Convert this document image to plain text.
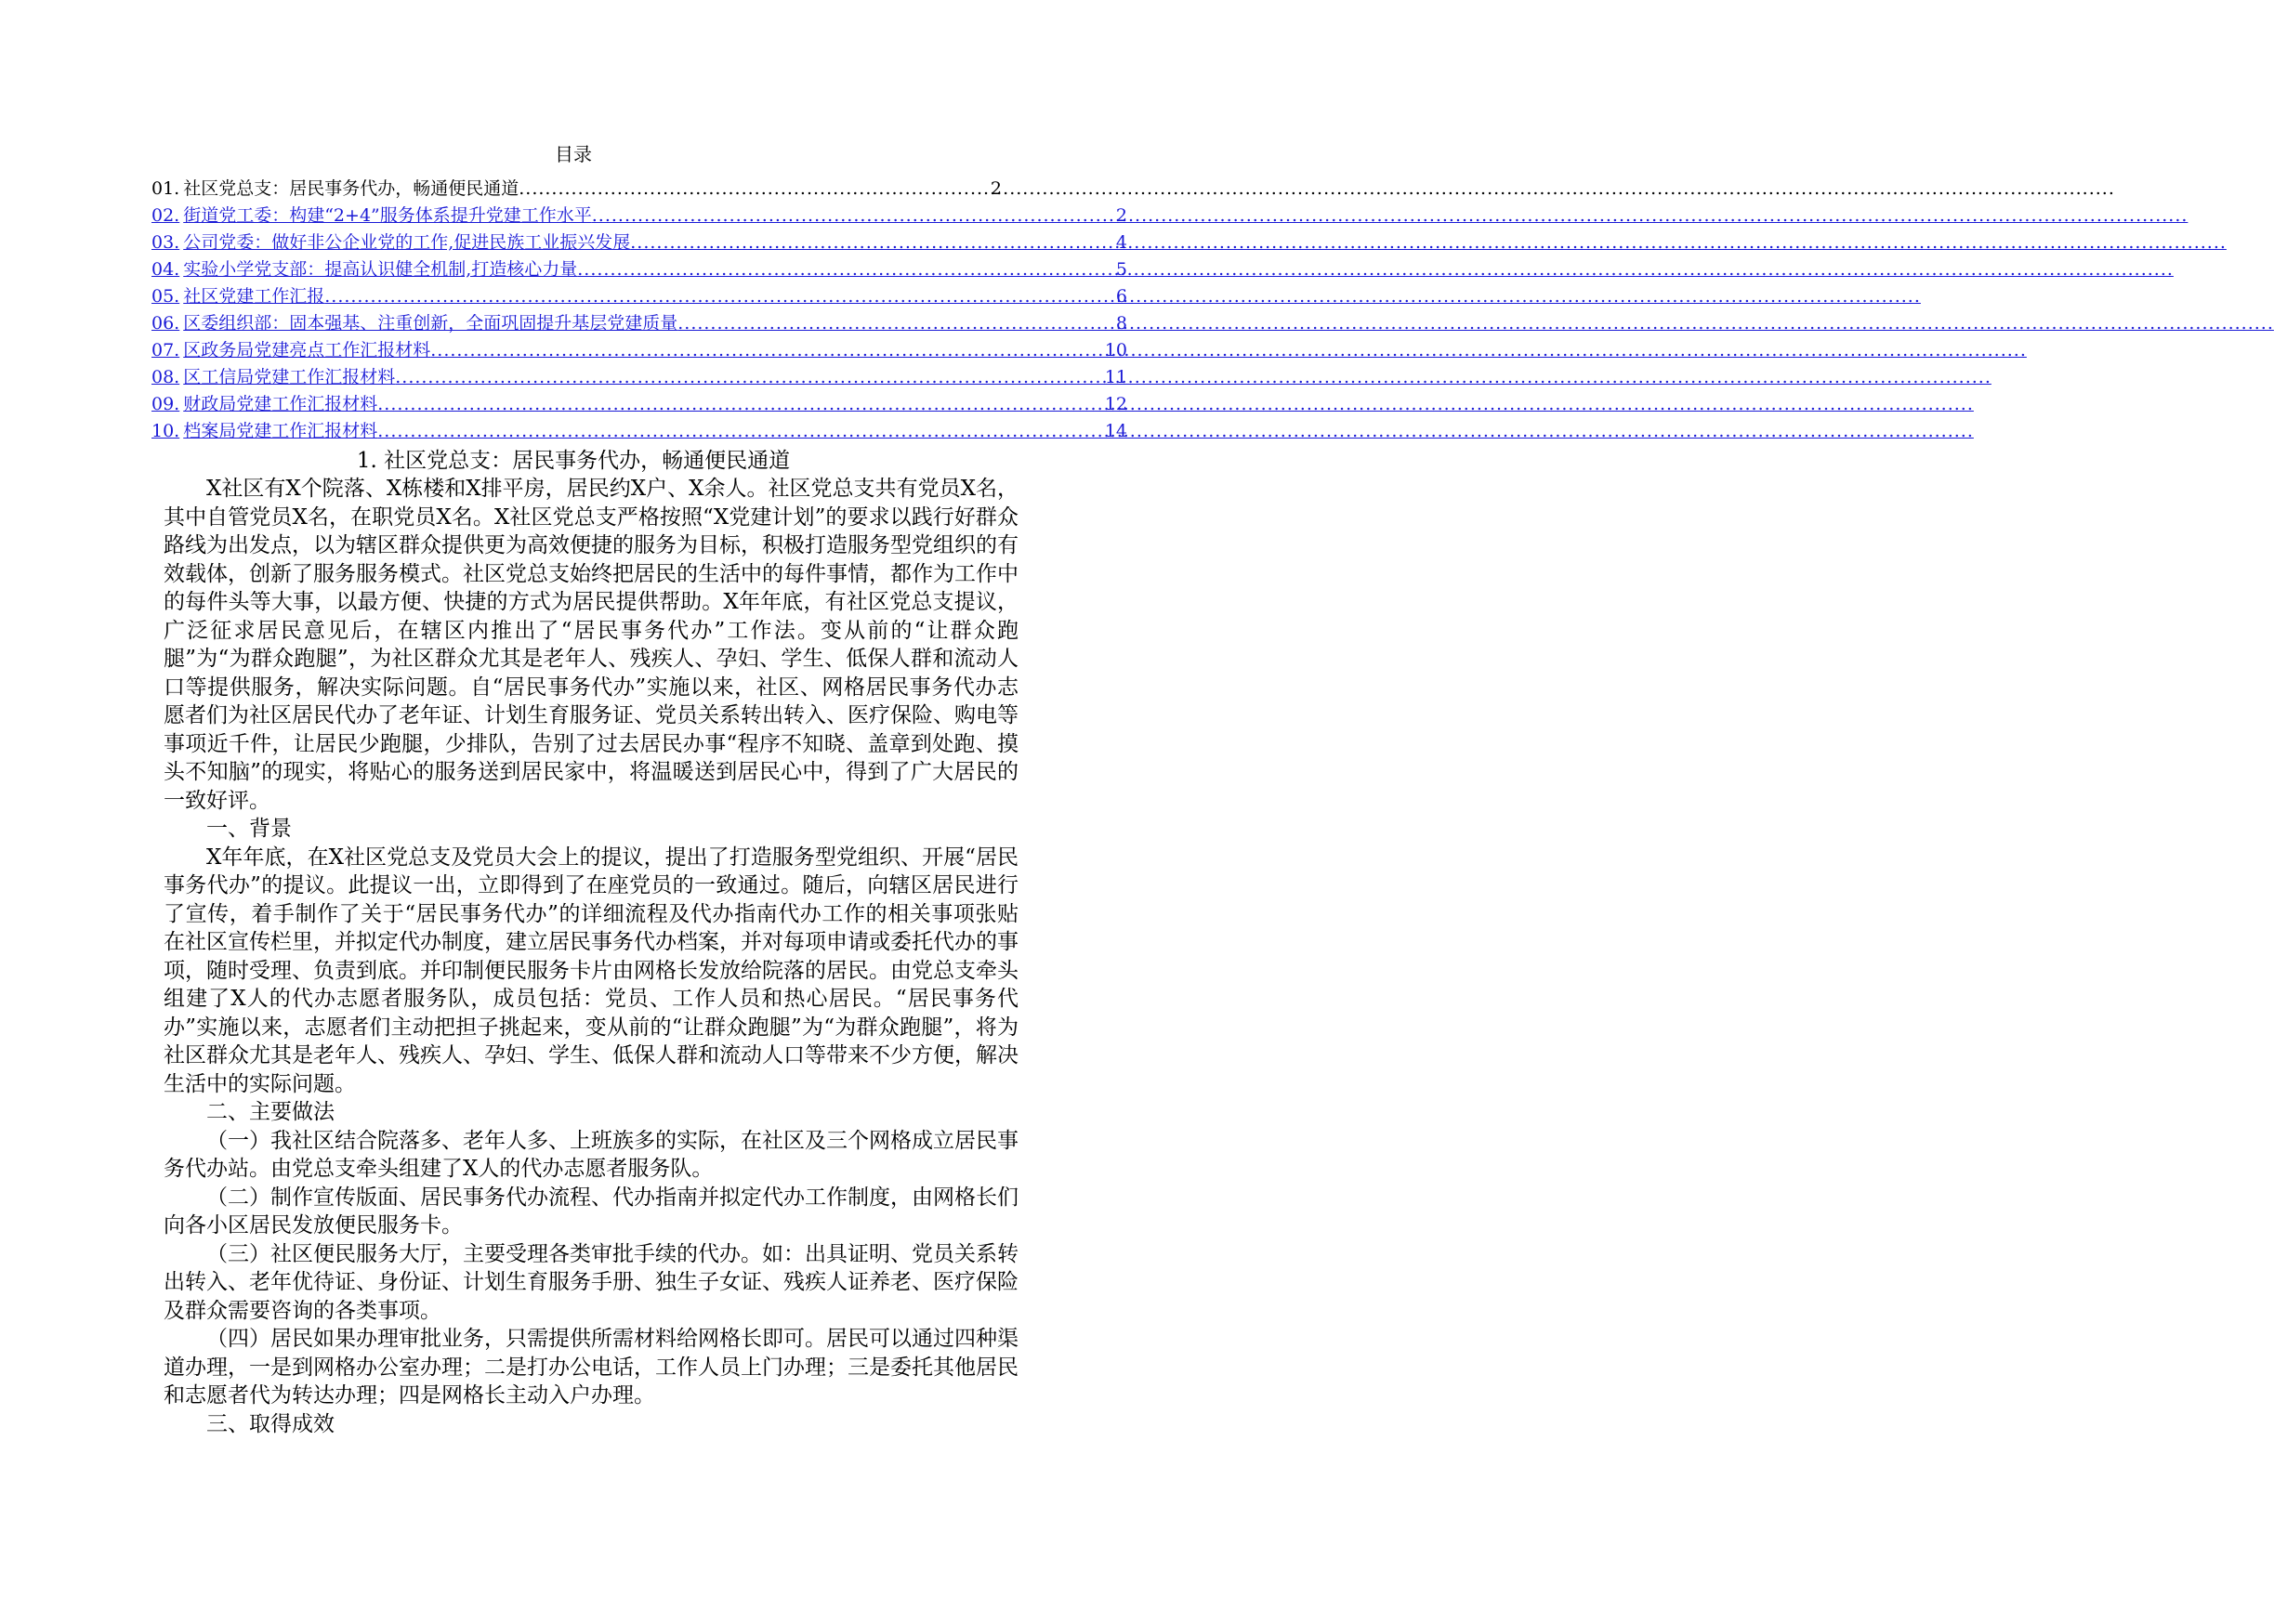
目录
01. 社区党总支：居民事务代办，畅通便民通道 .....	2
02. 街道党工委：构建“2+4”服务体系提升党建工作水平 .....	2
03. 公司党委：做好非公企业党的工作,促进民族工业振兴发展 .....	4
04. 实验小学党支部：提高认识健全机制,打造核心力量 .....	5
05. 社区党建工作汇报 .....	6
06. 区委组织部：固本强基、注重创新，全面巩固提升基层党建质量 .....	8
07. 区政务局党建亮点工作汇报材料 .....	10
08. 区工信局党建工作汇报材料 .....	11
09. 财政局党建工作汇报材料 .....	12
10. 档案局党建工作汇报材料 .....	14
1. 社区党总支：居民事务代办，畅通便民通道

X社区有X个院落、X栋楼和X排平房，居民约X户、X余人。社区党总支共有党员X名，其中自管党员X名，在职党员X名。X社区党总支严格按照“X党建计划”的要求以践行好群众路线为出发点，以为辖区群众提供更为高效便捷的服务为目标，积极打造服务型党组织的有效载体，创新了服务服务模式。社区党总支始终把居民的生活中的每件事情，都作为工作中的每件头等大事，以最方便、快捷的方式为居民提供帮助。X年年底，有社区党总支提议，广泛征求居民意见后，在辖区内推出了“居民事务代办”工作法。变从前的“让群众跑腿”为“为群众跑腿”，为社区群众尤其是老年人、残疾人、孕妇、学生、低保人群和流动人口等提供服务，解决实际问题。自“居民事务代办”实施以来，社区、网格居民事务代办志愿者们为社区居民代办了老年证、计划生育服务证、党员关系转出转入、医疗保险、购电等事项近千件，让居民少跑腿，少排队，告别了过去居民办事“程序不知晓、盖章到处跑、摸头不知脑”的现实，将贴心的服务送到居民家中，将温暖送到居民心中，得到了广大居民的一致好评。

一、背景

X年年底，在X社区党总支及党员大会上的提议，提出了打造服务型党组织、开展“居民事务代办”的提议。此提议一出，立即得到了在座党员的一致通过。随后，向辖区居民进行了宣传，着手制作了关于“居民事务代办”的详细流程及代办指南代办工作的相关事项张贴在社区宣传栏里，并拟定代办制度，建立居民事务代办档案，并对每项申请或委托代办的事项，随时受理、负责到底。并印制便民服务卡片由网格长发放给院落的居民。由党总支牵头组建了X人的代办志愿者服务队，成员包括：党员、工作人员和热心居民。“居民事务代办”实施以来，志愿者们主动把担子挑起来，变从前的“让群众跑腿”为“为群众跑腿”，将为社区群众尤其是老年人、残疾人、孕妇、学生、低保人群和流动人口等带来不少方便，解决生活中的实际问题。

二、主要做法

（一）我社区结合院落多、老年人多、上班族多的实际，在社区及三个网格成立居民事务代办站。由党总支牵头组建了X人的代办志愿者服务队。

（二）制作宣传版面、居民事务代办流程、代办指南并拟定代办工作制度，由网格长们向各小区居民发放便民服务卡。

（三）社区便民服务大厅，主要受理各类审批手续的代办。如：出具证明、党员关系转出转入、老年优待证、身份证、计划生育服务手册、独生子女证、残疾人证养老、医疗保险及群众需要咨询的各类事项。

（四）居民如果办理审批业务，只需提供所需材料给网格长即可。居民可以通过四种渠道办理，一是到网格办公室办理；二是打办公电话，工作人员上门办理；三是委托其他居民和志愿者代为转达办理；四是网格长主动入户办理。

三、取得成效
